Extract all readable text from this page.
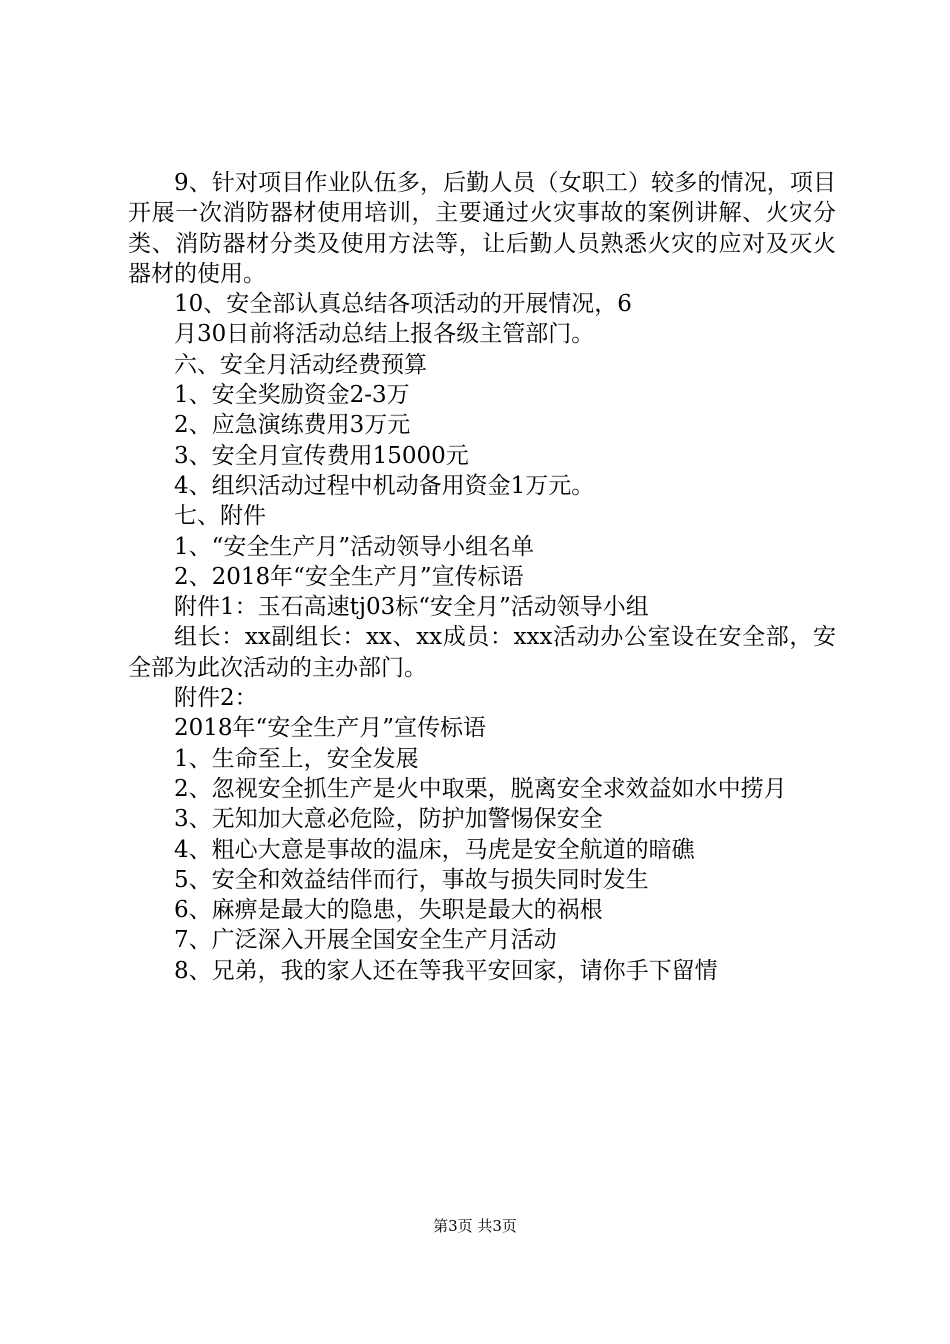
9、针对项目作业队伍多，后勤人员（女职工）较多的情况，项目开展一次消防器材使用培训，主要通过火灾事故的案例讲解、火灾分类、消防器材分类及使用方法等，让后勤人员熟悉火灾的应对及灭火器材的使用。

10、安全部认真总结各项活动的开展情况，6

月30日前将活动总结上报各级主管部门。

六、安全月活动经费预算

1、安全奖励资金2-3万

2、应急演练费用3万元

3、安全月宣传费用15000元

4、组织活动过程中机动备用资金1万元。

七、附件

1、“安全生产月”活动领导小组名单

2、2018年“安全生产月”宣传标语

附件1：玉石高速tj03标“安全月”活动领导小组

组长：xx副组长：xx、xx成员：xxx活动办公室设在安全部，安全部为此次活动的主办部门。

附件2：

2018年“安全生产月”宣传标语

1、生命至上，安全发展

2、忽视安全抓生产是火中取栗，脱离安全求效益如水中捞月

3、无知加大意必危险，防护加警惕保安全

4、粗心大意是事故的温床，马虎是安全航道的暗礁

5、安全和效益结伴而行，事故与损失同时发生

6、麻痹是最大的隐患，失职是最大的祸根

7、广泛深入开展全国安全生产月活动

8、兄弟，我的家人还在等我平安回家，请你手下留情

第3页 共3页
